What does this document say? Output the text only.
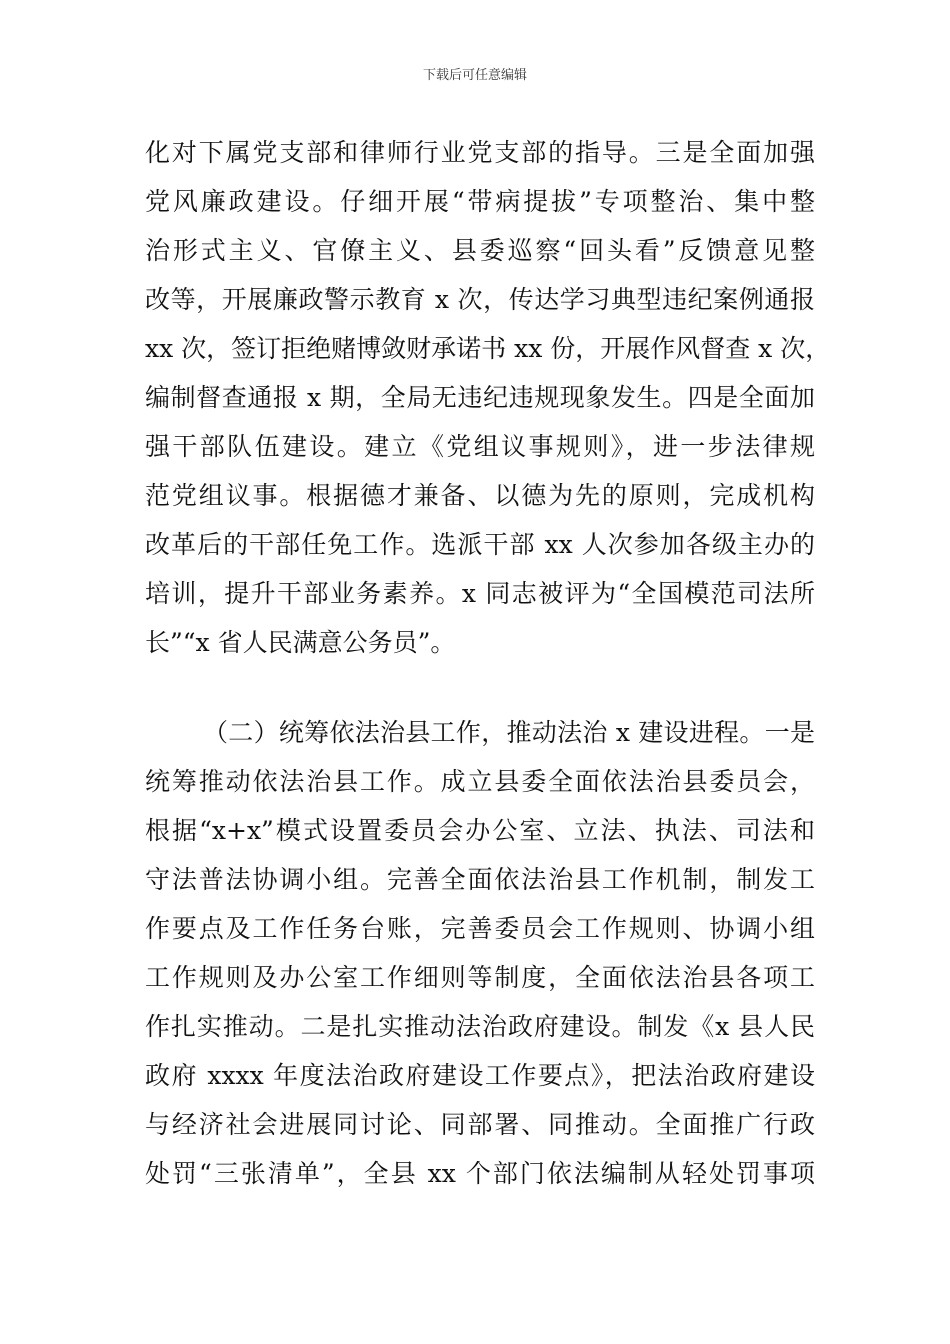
下载后可任意编辑
化对下属党支部和律师行业党支部的指导。三是全面加强
党风廉政建设。仔细开展“带病提拔”专项整治、集中整
治形式主义、官僚主义、县委巡察“回头看”反馈意见整
改等，开展廉政警示教育 x 次，传达学习典型违纪案例通报
xx 次，签订拒绝赌博敛财承诺书 xx 份，开展作风督查 x 次，
编制督查通报 x 期，全局无违纪违规现象发生。四是全面加
强干部队伍建设。建立《党组议事规则》，进一步法律规
范党组议事。根据德才兼备、以德为先的原则，完成机构
改革后的干部任免工作。选派干部 xx 人次参加各级主办的
培训，提升干部业务素养。x 同志被评为“全国模范司法所
长”“x 省人民满意公务员”。
（二）统筹依法治县工作，推动法治 x 建设进程。一是
统筹推动依法治县工作。成立县委全面依法治县委员会，
根据“x+x”模式设置委员会办公室、立法、执法、司法和
守法普法协调小组。完善全面依法治县工作机制，制发工
作要点及工作任务台账，完善委员会工作规则、协调小组
工作规则及办公室工作细则等制度，全面依法治县各项工
作扎实推动。二是扎实推动法治政府建设。制发《x 县人民
政府 xxxx 年度法治政府建设工作要点》，把法治政府建设
与经济社会进展同讨论、同部署、同推动。全面推广行政
处罚“三张清单”，全县 xx 个部门依法编制从轻处罚事项
